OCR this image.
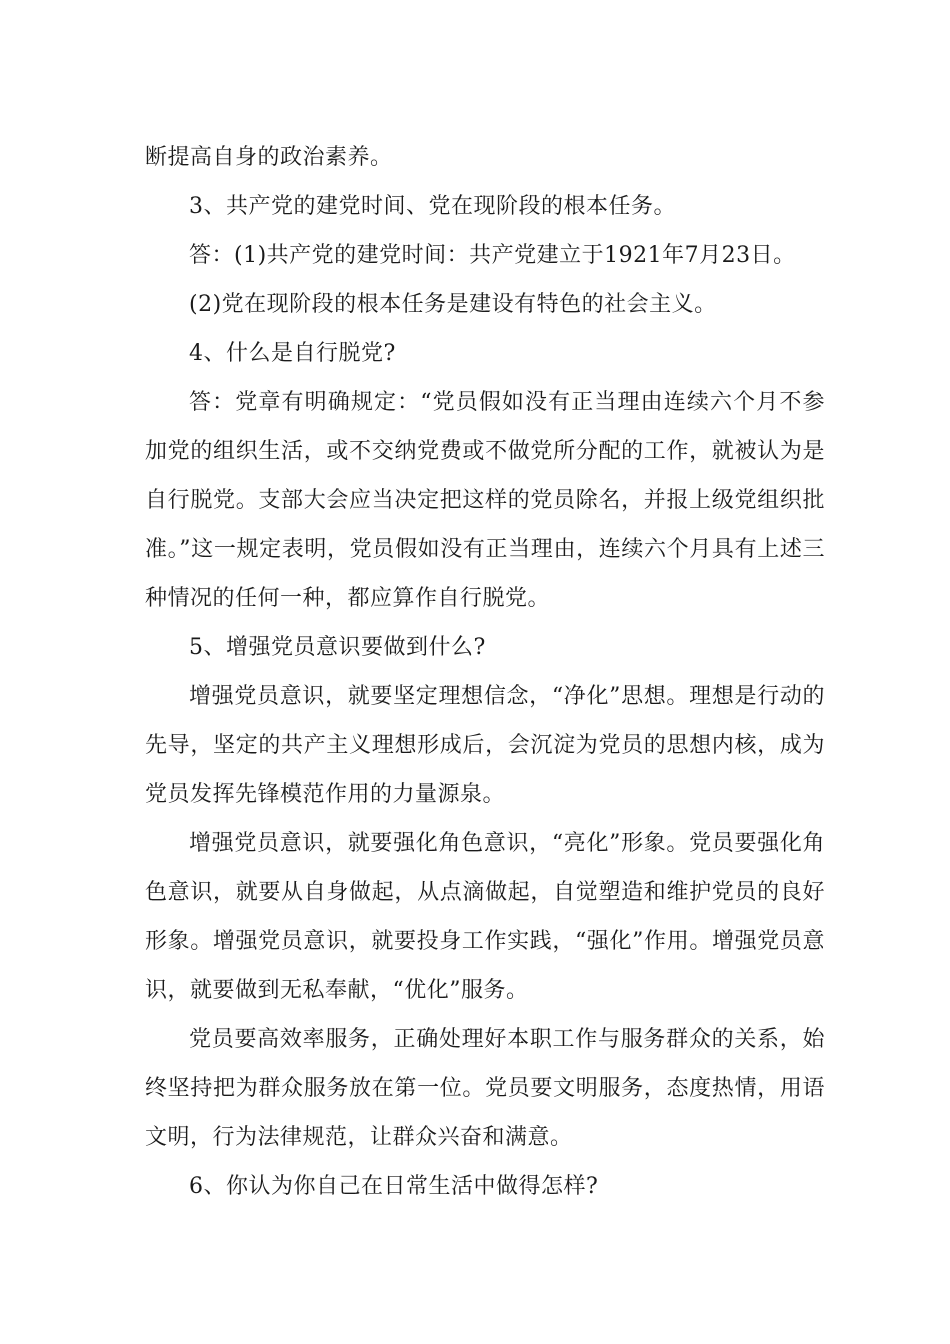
断提高自身的政治素养。

3、共产党的建党时间、党在现阶段的根本任务。

答：(1)共产党的建党时间：共产党建立于1921年7月23日。

(2)党在现阶段的根本任务是建设有特色的社会主义。

4、什么是自行脱党?

答：党章有明确规定：“党员假如没有正当理由连续六个月不参加党的组织生活，或不交纳党费或不做党所分配的工作，就被认为是自行脱党。支部大会应当决定把这样的党员除名，并报上级党组织批准。”这一规定表明，党员假如没有正当理由，连续六个月具有上述三种情况的任何一种，都应算作自行脱党。

5、增强党员意识要做到什么?

增强党员意识，就要坚定理想信念，“净化”思想。理想是行动的先导，坚定的共产主义理想形成后，会沉淀为党员的思想内核，成为党员发挥先锋模范作用的力量源泉。

增强党员意识，就要强化角色意识，“亮化”形象。党员要强化角色意识，就要从自身做起，从点滴做起，自觉塑造和维护党员的良好形象。增强党员意识，就要投身工作实践，“强化”作用。增强党员意识，就要做到无私奉献，“优化”服务。

党员要高效率服务，正确处理好本职工作与服务群众的关系，始终坚持把为群众服务放在第一位。党员要文明服务，态度热情，用语文明，行为法律规范，让群众兴奋和满意。

6、你认为你自己在日常生活中做得怎样?
